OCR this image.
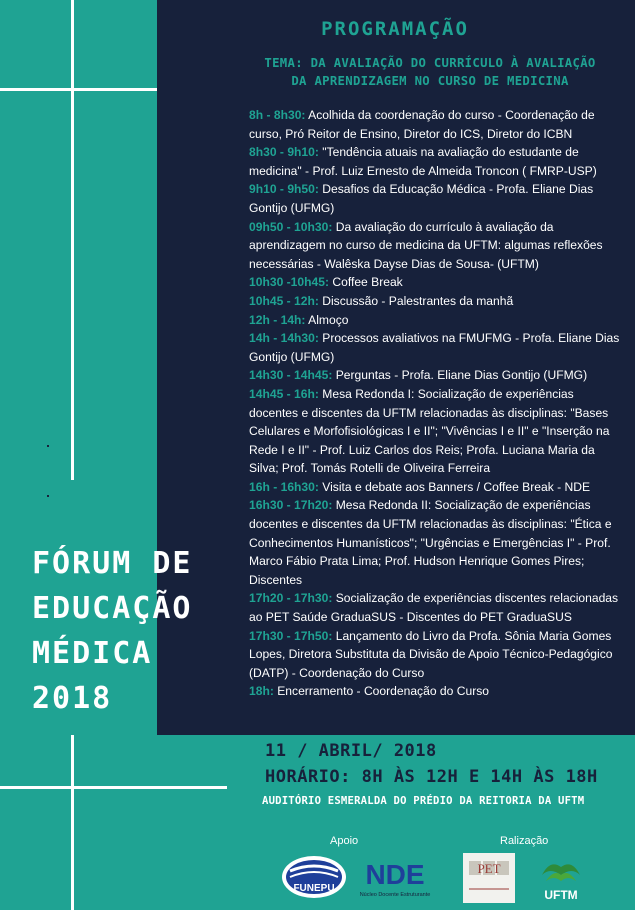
PROGRAMAÇÃO
TEMA: DA AVALIAÇÃO DO CURRÍCULO À AVALIAÇÃO
DA APRENDIZAGEM NO CURSO DE MEDICINA
8h - 8h30: Acolhida da coordenação do curso - Coordenação de curso, Pró Reitor de Ensino, Diretor do ICS, Diretor do ICBN
8h30 - 9h10: "Tendência atuais na avaliação do estudante de medicina" - Prof. Luiz Ernesto de Almeida Troncon ( FMRP-USP)
9h10 - 9h50: Desafios da Educação Médica - Profa. Eliane Dias Gontijo (UFMG)
09h50 - 10h30: Da avaliação do currículo à avaliação da aprendizagem no curso de medicina da UFTM: algumas reflexões necessárias - Walêska Dayse Dias de Sousa- (UFTM)
10h30 -10h45: Coffee Break
10h45 - 12h: Discussão - Palestrantes da manhã
12h - 14h: Almoço
14h - 14h30: Processos avaliativos na FMUFMG - Profa. Eliane Dias Gontijo (UFMG)
14h30 - 14h45: Perguntas - Profa. Eliane Dias Gontijo (UFMG)
14h45 - 16h: Mesa Redonda I: Socialização de experiências docentes e discentes da UFTM relacionadas às disciplinas: "Bases Celulares e Morfofisiológicas I e II"; "Vivências I e II" e "Inserção na Rede I e II" - Prof. Luiz Carlos dos Reis; Profa. Luciana Maria da Silva; Prof. Tomás Rotelli de Oliveira Ferreira
16h - 16h30: Visita e debate aos Banners / Coffee Break - NDE
16h30 - 17h20: Mesa Redonda II: Socialização de experiências docentes e discentes da UFTM relacionadas às disciplinas: "Ética e Conhecimentos Humanísticos"; "Urgências e Emergências I" - Prof. Marco Fábio Prata Lima; Prof. Hudson Henrique Gomes Pires; Discentes
17h20 - 17h30: Socialização de experiências discentes relacionadas ao PET Saúde GraduaSUS - Discentes do PET GraduaSUS
17h30 - 17h50: Lançamento do Livro da Profa. Sônia Maria Gomes Lopes, Diretora Substituta da Divisão de Apoio Técnico-Pedagógico (DATP) - Coordenação do Curso
18h: Encerramento - Coordenação do Curso
FÓRUM DE
EDUCAÇÃO
MÉDICA
2018
11 / ABRIL/ 2018
HORÁRIO: 8H ÀS 12H E 14H ÀS 18H
AUDITÓRIO ESMERALDA DO PRÉDIO DA REITORIA DA UFTM
Apoio	Ralização
FUNEPU NDE
Núcleo Docente Estruturante
PET
UFTM
